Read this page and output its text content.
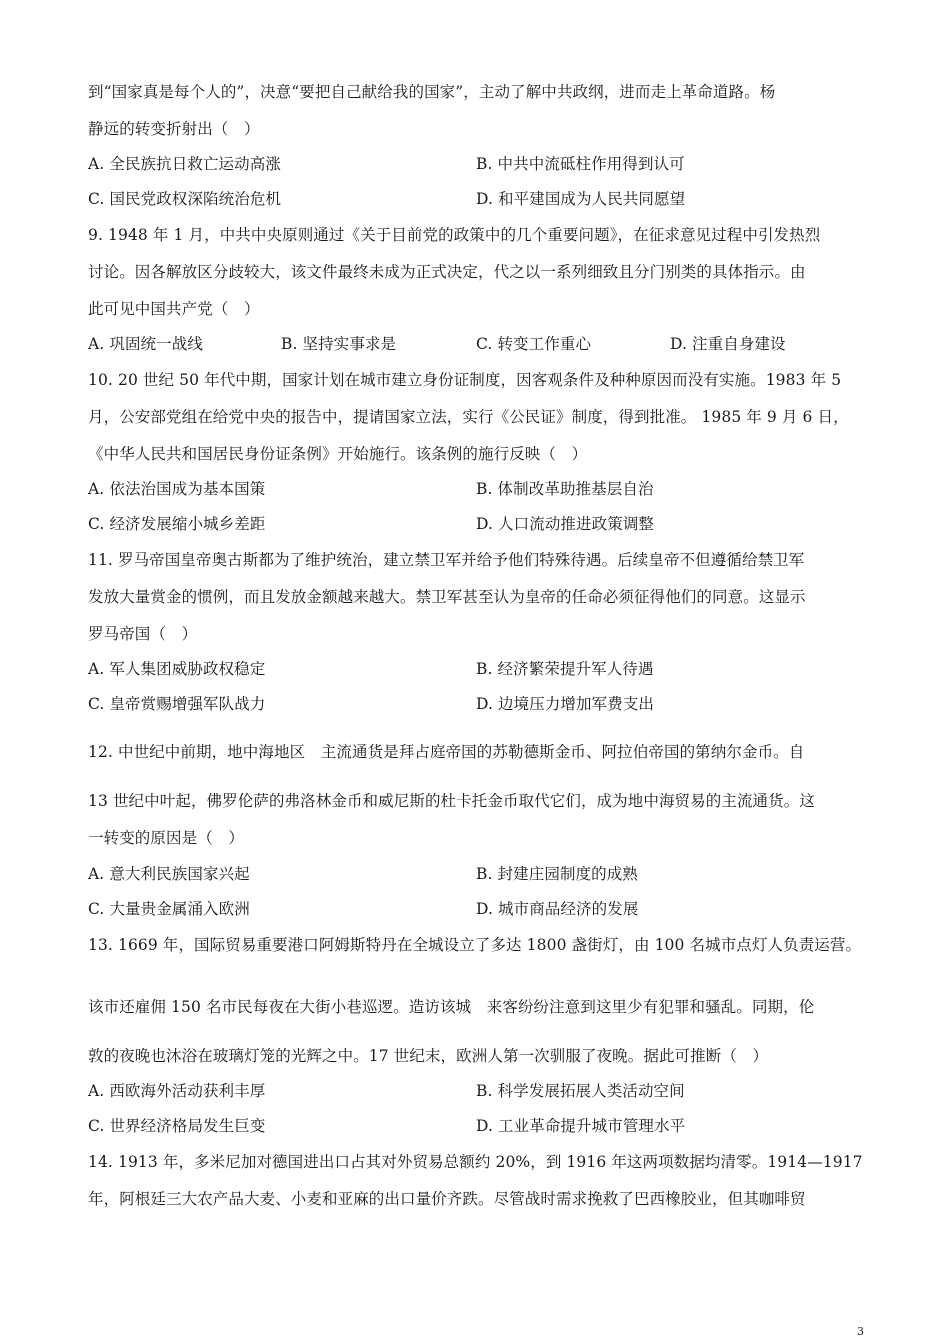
到“国家真是每个人的”，决意“要把自己献给我的国家”，主动了解中共政纲，进而走上革命道路。杨
静远的转变折射出（　）
A. 全民族抗日救亡运动高涨	B. 中共中流砥柱作用得到认可
C. 国民党政权深陷统治危机	D. 和平建国成为人民共同愿望
9. 1948 年 1 月，中共中央原则通过《关于目前党的政策中的几个重要问题》，在征求意见过程中引发热烈
讨论。因各解放区分歧较大，该文件最终未成为正式决定，代之以一系列细致且分门别类的具体指示。由
此可见中国共产党（　）
A. 巩固统一战线	B. 坚持实事求是	C. 转变工作重心	D. 注重自身建设
10. 20 世纪 50 年代中期，国家计划在城市建立身份证制度，因客观条件及种种原因而没有实施。1983 年 5
月，公安部党组在给党中央的报告中，提请国家立法，实行《公民证》制度，得到批准。 1985 年 9 月 6 日，
《中华人民共和国居民身份证条例》开始施行。该条例的施行反映（　）
A. 依法治国成为基本国策	B. 体制改革助推基层自治
C. 经济发展缩小城乡差距	D. 人口流动推进政策调整
11. 罗马帝国皇帝奥古斯都为了维护统治，建立禁卫军并给予他们特殊待遇。后续皇帝不但遵循给禁卫军
发放大量赏金的惯例，而且发放金额越来越大。禁卫军甚至认为皇帝的任命必须征得他们的同意。这显示
罗马帝国（　）
A. 军人集团威胁政权稳定	B. 经济繁荣提升军人待遇
C. 皇帝赏赐增强军队战力	D. 边境压力增加军费支出
12. 中世纪中前期，地中海地区　主流通货是拜占庭帝国的苏勒德斯金币、阿拉伯帝国的第纳尔金币。自
13 世纪中叶起，佛罗伦萨的弗洛林金币和威尼斯的杜卡托金币取代它们，成为地中海贸易的主流通货。这
一转变的原因是（　）
A. 意大利民族国家兴起	B. 封建庄园制度的成熟
C. 大量贵金属涌入欧洲	D. 城市商品经济的发展
13. 1669 年，国际贸易重要港口阿姆斯特丹在全城设立了多达 1800 盏街灯，由 100 名城市点灯人负责运营。
该市还雇佣 150 名市民每夜在大街小巷巡逻。造访该城　来客纷纷注意到这里少有犯罪和骚乱。同期，伦
敦的夜晚也沐浴在玻璃灯笼的光辉之中。17 世纪末，欧洲人第一次驯服了夜晚。据此可推断（　）
A. 西欧海外活动获利丰厚	B. 科学发展拓展人类活动空间
C. 世界经济格局发生巨变	D. 工业革命提升城市管理水平
14. 1913 年，多米尼加对德国进出口占其对外贸易总额约 20%，到 1916 年这两项数据均清零。1914—1917
年，阿根廷三大农产品大麦、小麦和亚麻的出口量价齐跌。尽管战时需求挽救了巴西橡胶业，但其咖啡贸
3
